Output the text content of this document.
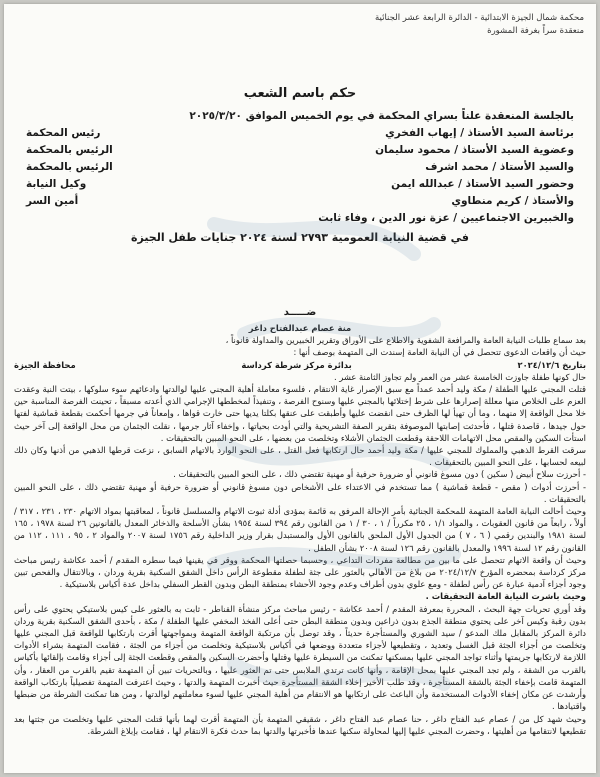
محكمة شمال الجيزة الابتدائية - الدائرة الرابعة عشر الجنائية
منعقدة سراً بغرفة المشورة
حكم باسم الشعب
بالجلسة المنعقدة علناً بسراي المحكمة في يوم الخميس الموافق ٢٠٢٥/٣/٢٠
برئاسة السيد الأستاذ / إيهاب الفخري
رئيس المحكمة
وعضوية السيد الأستاذ / محمود سليمان
الرئيس بالمحكمة
والسيد الأستاذ / محمد اشرف
الرئيس بالمحكمة
وحضور السيد الأستاذ / عبدالله ايمن
وكيل النيابة
والأستاذ / كريم منطاوي
أمين السر
والخبيرين الاجتماعيين / عزة نور الدين ، وفاء ثابت
في قضية النيابة العمومية ٢٧٩٣ لسنة ٢٠٢٤ جنايات طفل الجيزة
ضـــــد

منة عصام عبدالفتاح داغر

بعد سماع طلبات النيابة العامة والمرافعة الشفوية والاطلاع على الأوراق وتقرير الخبيرين والمداولة قانوناً ،

حيث أن واقعات الدعوى تتحصل في أن النيابة العامة إسندت الى المتهمة بوصف أنها :

بتاريخ ٢٠٢٤/١٢/٦
بدائرة مركز شرطة كرداسة
محافظة الجيزة

حال كونها طفلة جاوزت الخامسة عشر من العمر ولم تجاوز الثامنة عشر .

قتلت المجني عليها الطفلة / مكة وليد أحمد عمداً مع سبق الإصرار غاية الانتقام ، فلسوء معاملة أهلية المجني عليها لوالدتها وادعائهم سوء سلوكها ، بيتت النية وعقدت العزم على الخلاص منها معللة إصرارها على شرط إختلائها بالمجني عليها وسنوح الفرصة ، وتنفيذاً لمخططها الإجرامي الذي أعدته مسبقاً ، تحينت الفرصة المناسبة حين خلا محل الواقعة إلا منهما ، وما أن تهيأ لها الظرف حتى انقضت عليها وأطبقت على عنقها بكلتا يديها حتى خارت قواها ، وإمعاناً في جرمها أحكمت بقطعة قماشية لفتها حول جيدها ، قاصدة قتلها ، فأحدثت إصابتها الموصوفة بتقرير الصفة التشريحية والتي أودت بحياتها ، وإخفاء آثار جرمها ، نقلت الجثمان من محل الواقعة إلى آخر حيث استأت السكين والمقص محل الاتهامات اللاحقة وقطعت الجثمان الأشلاء وتخلصت من بعضها ، على النحو المبين بالتحقيقات .

سرقت القرط الذهبي والمملوك للمجني عليها / مكة وليد أحمد حال ارتكابها فعل القتل ، على النحو الوارد بالاتهام السابق ، نزعت قرطها الذهبي من أذنها وكان ذلك لبيعه لحسابها ، على النحو المبين بالتحقيقات .

- أحرزت سلاح أبيض ( سكين ) دون مسوغ قانوني أو ضرورة حرفية أو مهنية تقتضي ذلك ، على النحو المبين بالتحقيقات .

- أحرزت أدوات ( مقص - قطعة قماشية ) مما تستخدم في الاعتداء على الأشخاص دون مسوغ قانوني أو ضرورة حرفية أو مهنية تقتضي ذلك ، على النحو المبين بالتحقيقات .

وحيث أحالت النيابة العامة المتهمة للمحكمة الجنائية بأمر الإحالة المرفق به قائمة بمؤدى أدلة ثبوت الاتهام والمسلسل قانوناً ، لمعاقبتها بمواد الاتهام ٢٣٠ ، ٢٣١ ، ٣١٧ / أولاً ، رابعاً من قانون العقوبات ، والمواد ١/١ ، ٢٥ مكرراً / ١ ، ٣٠ / ١ من القانون رقم ٣٩٤ لسنة ١٩٥٤ بشأن الأسلحة والذخائر المعدل بالقانونين ٢٦ لسنة ١٩٧٨ ، ١٦٥ لسنة ١٩٨١ والبندين رقمي ( ٦ ، ٧ ) من الجدول الأول الملحق بالقانون الأول والمستبدل بقرار وزير الداخلية رقم ١٧٥٦ لسنة ٢٠٠٧ والمواد ٢ ، ٩٥ ، ١١١ ، ١١٢ من القانون رقم ١٢ لسنة ١٩٩٦ والمعدل بالقانون رقم ١٢٦ لسنة ٢٠٠٨ بشأن الطفل .

وحيث أن واقعة الاتهام تتحصل على ما بين من مطالعة مفردات التداعي ، وحسبما حصلتها المحكمة ووقر في يقينها فيما سطره المقدم / أحمد عكاشة رئيس مباحث مركز كرداسة بمحضره المؤرخ ٢٠٢٤/١٢/٧ من بلاغ من الأهالي بالعثور على جثة لطفلة مقطوعة الرأس داخل الشقق السكنية بقرية وردان ، وبالانتقال والفحص تبين وجود أجزاء آدمية عبارة عن رأس لطفلة - ومع علوي بدون أطراف وعدم وجود الأحشاء بمنطقة البطن وبدون القطر السفلي بداخل عدة أكياس بلاستيكية .

وحيث باشرت النيابة العامة التحقيقات .

وقد أوري تحريات جهة البحث ، المحررة بمعرفة المقدم / أحمد عكاشة - رئيس مباحث مركز منشأة القناطر - ثابت به بالعثور على كيس بلاستيكي يحتوي على رأس بدون رقبة وكيس آخر على يحتوي منطقة الجذع بدون ذراعين وبدون منطقة البطن حتى أعلى الفخذ المخفي عليها الطفلة / مكة ، بأحدى الشقق السكنية بقرية وردان دائرة المركز بالمقابل ملك المدعو / سيد الشوري والمستأجرة حديثاً ، وقد توصل بأن مرتكبة الواقعة المتهمة وبمواجهتها أقرت بارتكابها للواقعة قبل المجني عليها وتخلصت من أجزاء الجثة قبل الغسل وتعديد ، وتقطيعها لأجزاء متعددة ووضعها في أكياس بلاستيكية وتخلصت من أجزاء من الجثة ، فقامت المتهمة بشراء الأدوات اللازمة لارتكابها جريمتها وأثناء تواجد المجني عليها بمسكنها تمكنت من السيطرة عليها وقتلها وأحضرت السكين والمقص وقطعت الجثة إلى أجزاء وقامت بإلقائها بأكياس بالقرب من الشقة ، ولم تجد المجني عليها بمحل الإقامة ، وأنها كانت ترتدي الملابس حتى تم العثور عليها ، وبالتحريات تبين أن المتهمة تقيم بالقرب من العقار ، وأن المتهمة قامت بإخفاء الجثة بالشقة المستأجرة ، وقد طلب الأخير إخلاء الشقة المستأجرة حيث أخبرت المتهمة والدتها ، وحيث اعترفت المتهمة تفصيلياً بارتكاب الواقعة وأرشدت عن مكان إخفاء الأدوات المستخدمة وأن الباعث على ارتكابها هو الانتقام من أهلية المجني عليها لسوء معاملتهم لوالدتها ، ومن هنا تمكنت الشرطة من ضبطها واقتيادها .

وحيث شهد كل من / عصام عبد الفتاح داغر ، حنا عصام عبد الفتاح داغر ، شقيقي المتهمة بأن المتهمة أقرت لهما بأنها قتلت المجني عليها وتخلصت من جثتها بعد تقطيعها لانتقامها من أهليتها ، وحضرت المجني عليها إليها لمحاولة سكنها عندها فأخبرتها والدتها بما حدث فكرة الانتقام لها ، فقامت بإبلاغ الشرطة.
